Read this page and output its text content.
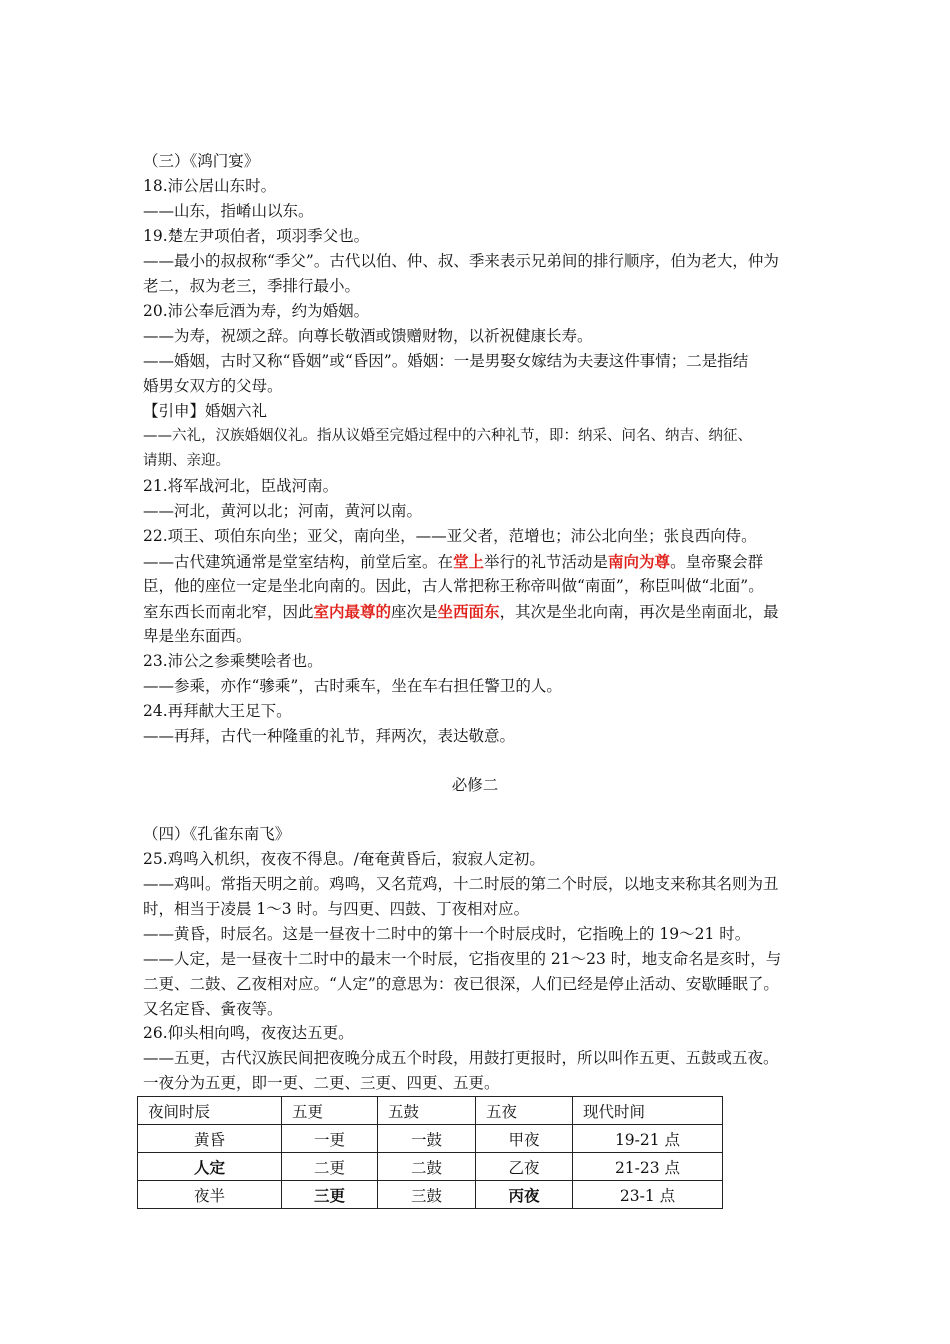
（三）《鸿门宴》
18.沛公居山东时。
——山东，指崤山以东。
19.楚左尹项伯者，项羽季父也。
——最小的叔叔称“季父”。古代以伯、仲、叔、季来表示兄弟间的排行顺序，伯为老大，仲为
老二，叔为老三，季排行最小。
20.沛公奉卮酒为寿，约为婚姻。
——为寿，祝颂之辞。向尊长敬酒或馈赠财物，以祈祝健康长寿。
——婚姻，古时又称“昏姻”或“昏因”。婚姻：一是男娶女嫁结为夫妻这件事情；二是指结
婚男女双方的父母。
【引申】婚姻六礼
——六礼，汉族婚姻仪礼。指从议婚至完婚过程中的六种礼节，即：纳采、问名、纳吉、纳征、
请期、亲迎。
21.将军战河北，臣战河南。
——河北，黄河以北；河南，黄河以南。
22.项王、项伯东向坐；亚父，南向坐，——亚父者，范增也；沛公北向坐；张良西向侍。
——古代建筑通常是堂室结构，前堂后室。在堂上举行的礼节活动是南向为尊。皇帝聚会群
臣，他的座位一定是坐北向南的。因此，古人常把称王称帝叫做“南面”，称臣叫做“北面”。
室东西长而南北窄，因此室内最尊的座次是坐西面东，其次是坐北向南，再次是坐南面北，最
卑是坐东面西。
23.沛公之参乘樊哙者也。
——参乘，亦作“骖乘”，古时乘车，坐在车右担任警卫的人。
24.再拜献大王足下。
——再拜，古代一种隆重的礼节，拜两次，表达敬意。
必修二
（四）《孔雀东南飞》
25.鸡鸣入机织，夜夜不得息。/奄奄黄昏后，寂寂人定初。
——鸡叫。常指天明之前。鸡鸣，又名荒鸡，十二时辰的第二个时辰，以地支来称其名则为丑
时，相当于凌晨 1～3 时。与四更、四鼓、丁夜相对应。
——黄昏，时辰名。这是一昼夜十二时中的第十一个时辰戌时，它指晚上的 19～21 时。
——人定，是一昼夜十二时中的最末一个时辰，它指夜里的 21～23 时，地支命名是亥时，与
二更、二鼓、乙夜相对应。“人定”的意思为：夜已很深，人们已经是停止活动、安歇睡眠了。
又名定昏、夤夜等。
26.仰头相向鸣，夜夜达五更。
——五更，古代汉族民间把夜晚分成五个时段，用鼓打更报时，所以叫作五更、五鼓或五夜。
一夜分为五更，即一更、二更、三更、四更、五更。
夜间时辰	五更	五鼓	五夜	现代时间
黄昏	一更	一鼓	甲夜	19-21 点
人定	二更	二鼓	乙夜	21-23 点
夜半	三更	三鼓	丙夜	23-1 点
